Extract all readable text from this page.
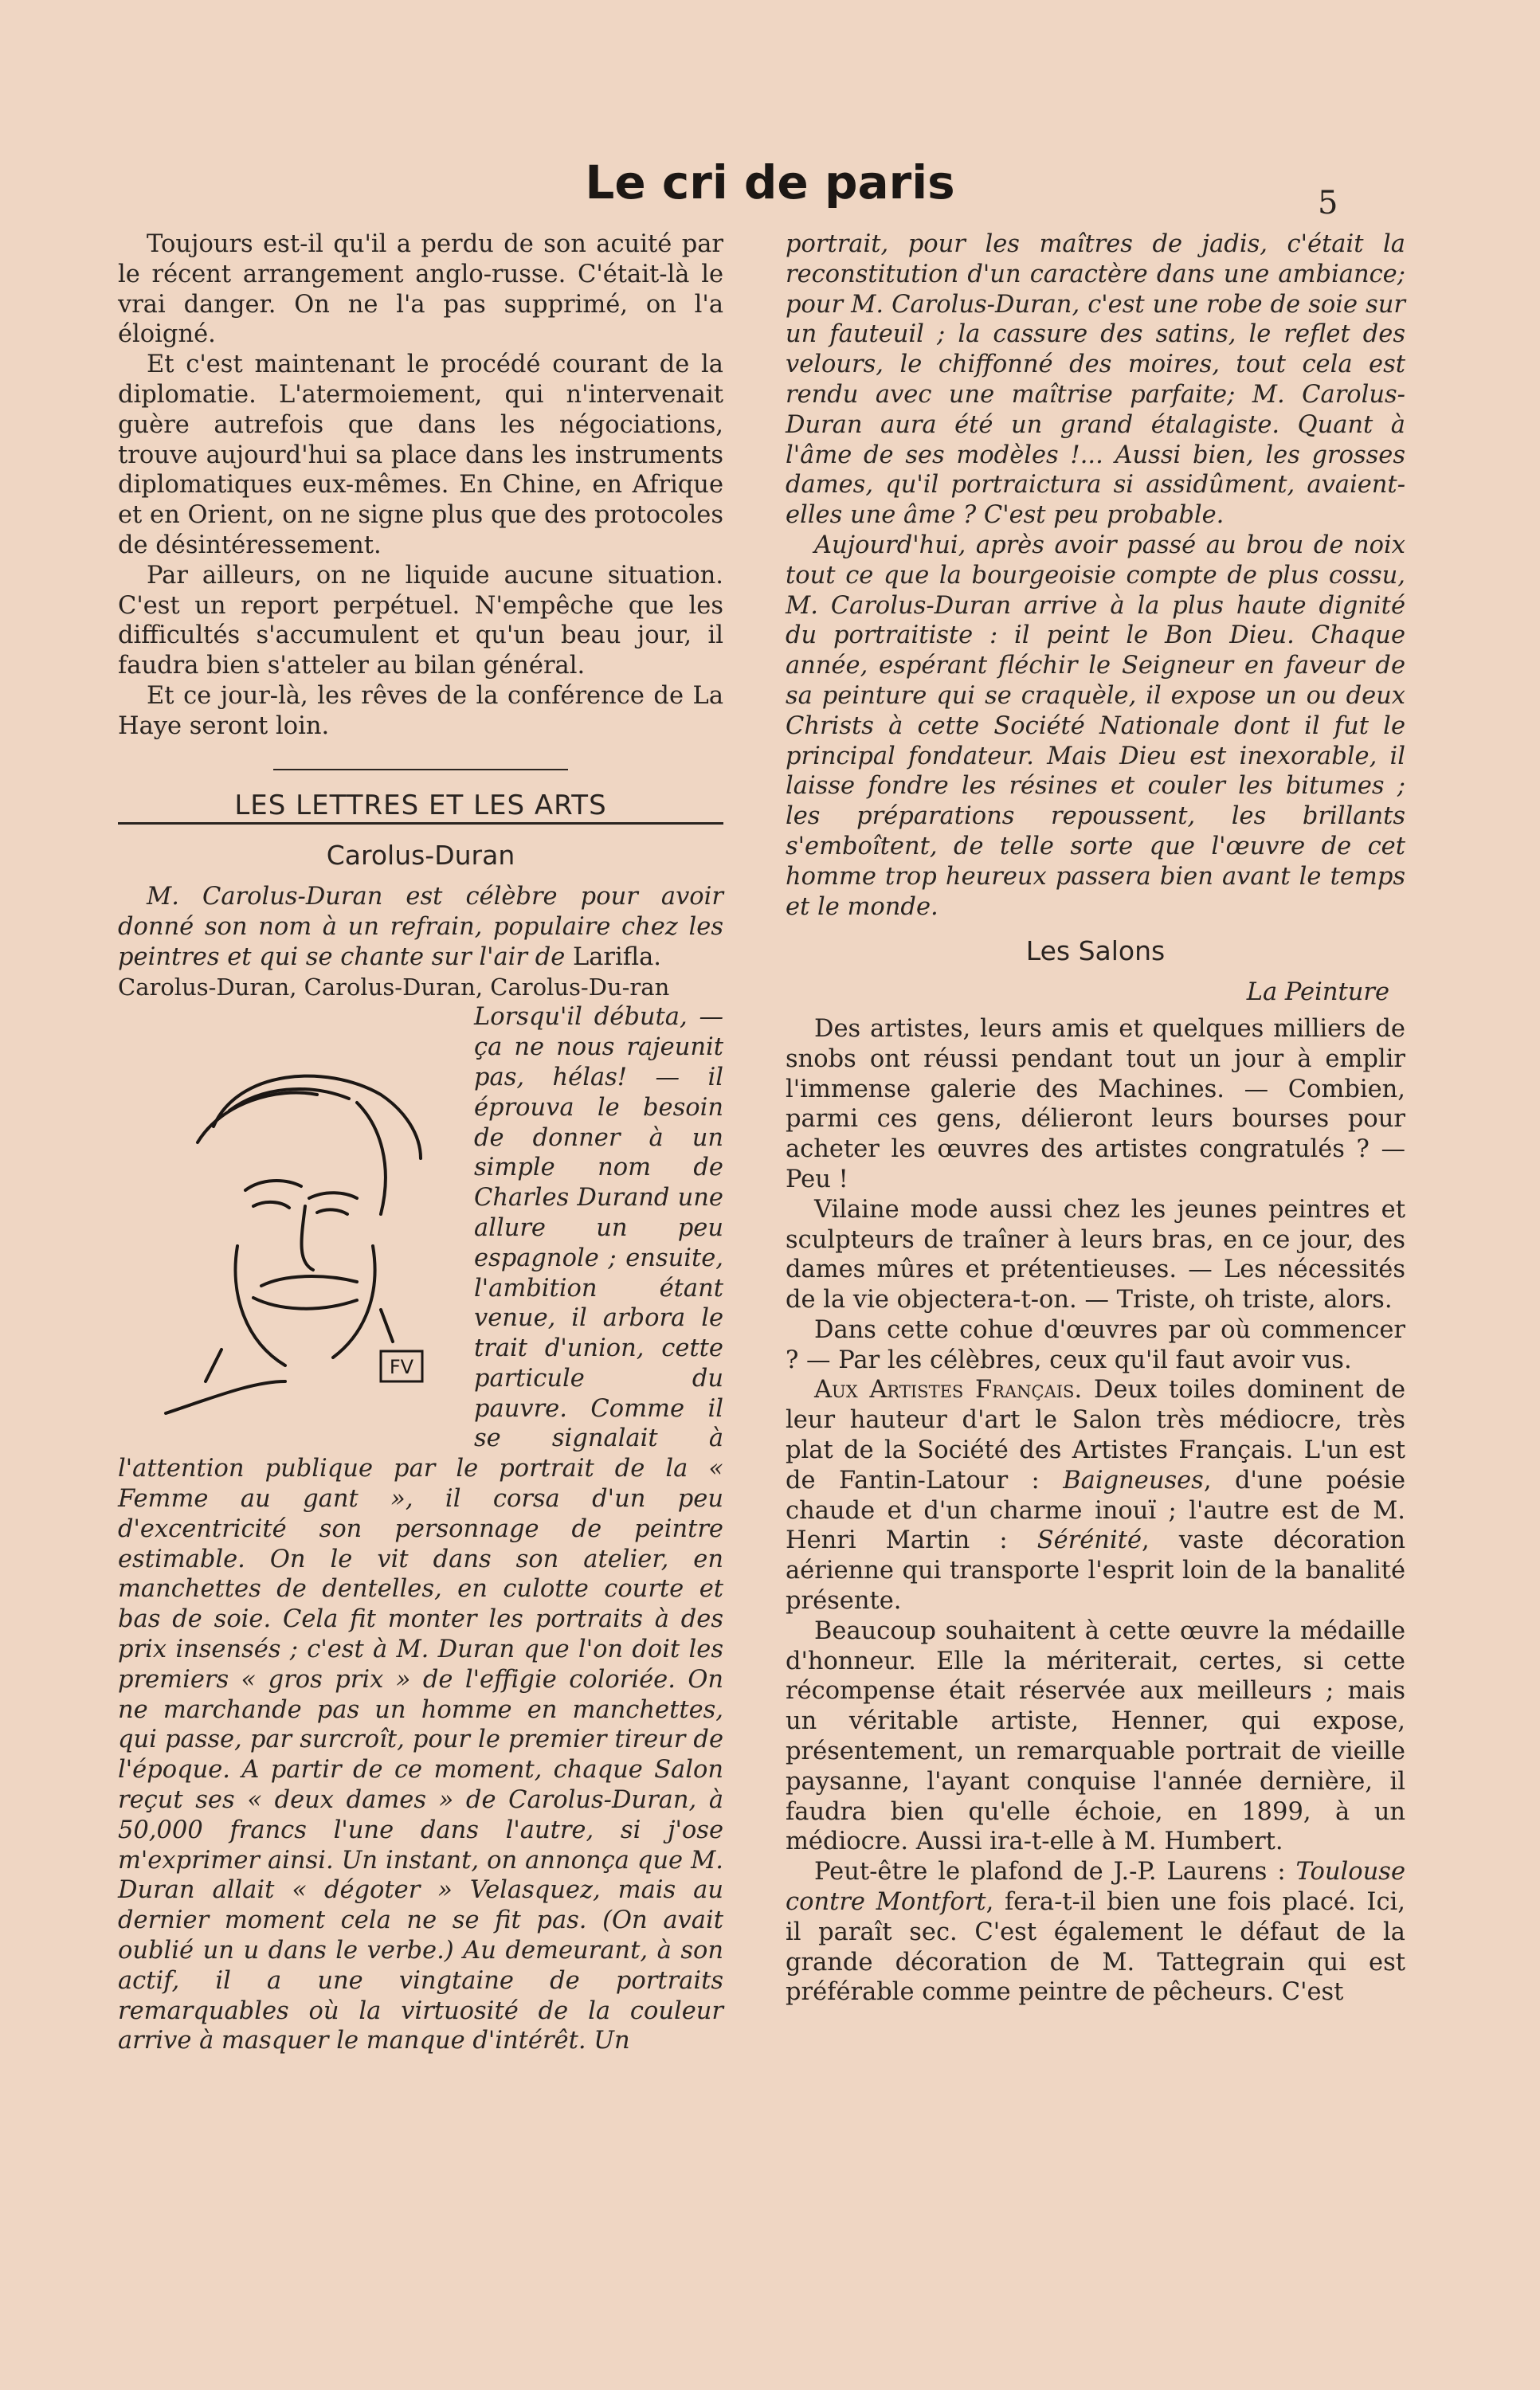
Le cri de paris	5

Toujours est-il qu'il a perdu de son acuité par le récent arrangement anglo-russe. C'était-là le vrai danger. On ne l'a pas supprimé, on l'a éloigné.

Et c'est maintenant le procédé courant de la diplomatie. L'atermoiement, qui n'intervenait guère autrefois que dans les négociations, trouve aujourd'hui sa place dans les instruments diplomatiques eux-mêmes. En Chine, en Afrique et en Orient, on ne signe plus que des protocoles de désintéressement.

Par ailleurs, on ne liquide aucune situation. C'est un report perpétuel. N'empêche que les difficultés s'accumulent et qu'un beau jour, il faudra bien s'atteler au bilan général.

Et ce jour-là, les rêves de la conférence de La Haye seront loin.

LES LETTRES ET LES ARTS
Carolus-Duran

M. Carolus-Duran est célèbre pour avoir donné son nom à un refrain, populaire chez les peintres et qui se chante sur l'air de Larifla.

Carolus-Duran, Carolus-Duran, Carolus-Du-ran

FV

Lorsqu'il débuta, — ça ne nous rajeunit pas, hélas! — il éprouva le besoin de donner à un simple nom de Charles Durand une allure un peu espagnole ; ensuite, l'ambition étant venue, il arbora le trait d'union, cette particule du pauvre. Comme il se signalait à l'attention publique par le portrait de la « Femme au gant », il corsa d'un peu d'excentricité son personnage de peintre estimable. On le vit dans son atelier, en manchettes de dentelles, en culotte courte et bas de soie. Cela fit monter les portraits à des prix insensés ; c'est à M. Duran que l'on doit les premiers « gros prix » de l'effigie coloriée. On ne marchande pas un homme en manchettes, qui passe, par surcroît, pour le premier tireur de l'époque. A partir de ce moment, chaque Salon reçut ses « deux dames » de Carolus-Duran, à 50,000 francs l'une dans l'autre, si j'ose m'exprimer ainsi. Un instant, on annonça que M. Duran allait « dégoter » Velasquez, mais au dernier moment cela ne se fit pas. (On avait oublié un u dans le verbe.) Au demeurant, à son actif, il a une vingtaine de portraits remarquables où la virtuosité de la couleur arrive à masquer le manque d'intérêt. Un

portrait, pour les maîtres de jadis, c'était la reconstitution d'un caractère dans une ambiance; pour M. Carolus-Duran, c'est une robe de soie sur un fauteuil ; la cassure des satins, le reflet des velours, le chiffonné des moires, tout cela est rendu avec une maîtrise parfaite; M. Carolus-Duran aura été un grand étalagiste. Quant à l'âme de ses modèles !... Aussi bien, les grosses dames, qu'il portraictura si assidûment, avaient-elles une âme ? C'est peu probable.

Aujourd'hui, après avoir passé au brou de noix tout ce que la bourgeoisie compte de plus cossu, M. Carolus-Duran arrive à la plus haute dignité du portraitiste : il peint le Bon Dieu. Chaque année, espérant fléchir le Seigneur en faveur de sa peinture qui se craquèle, il expose un ou deux Christs à cette Société Nationale dont il fut le principal fondateur. Mais Dieu est inexorable, il laisse fondre les résines et couler les bitumes ; les préparations repoussent, les brillants s'emboîtent, de telle sorte que l'œuvre de cet homme trop heureux passera bien avant le temps et le monde.

Les Salons
La Peinture

Des artistes, leurs amis et quelques milliers de snobs ont réussi pendant tout un jour à emplir l'immense galerie des Machines. — Combien, parmi ces gens, délieront leurs bourses pour acheter les œuvres des artistes congratulés ? — Peu !

Vilaine mode aussi chez les jeunes peintres et sculpteurs de traîner à leurs bras, en ce jour, des dames mûres et prétentieuses. — Les nécessités de la vie objectera-t-on. — Triste, oh triste, alors.

Dans cette cohue d'œuvres par où commencer ? — Par les célèbres, ceux qu'il faut avoir vus.

Aux Artistes Français. Deux toiles dominent de leur hauteur d'art le Salon très médiocre, très plat de la Société des Artistes Français. L'un est de Fantin-Latour : Baigneuses, d'une poésie chaude et d'un charme inouï ; l'autre est de M. Henri Martin : Sérénité, vaste décoration aérienne qui transporte l'esprit loin de la banalité présente.

Beaucoup souhaitent à cette œuvre la médaille d'honneur. Elle la mériterait, certes, si cette récompense était réservée aux meilleurs ; mais un véritable artiste, Henner, qui expose, présentement, un remarquable portrait de vieille paysanne, l'ayant conquise l'année dernière, il faudra bien qu'elle échoie, en 1899, à un médiocre. Aussi ira-t-elle à M. Humbert.

Peut-être le plafond de J.-P. Laurens : Toulouse contre Montfort, fera-t-il bien une fois placé. Ici, il paraît sec. C'est également le défaut de la grande décoration de M. Tattegrain qui est préférable comme peintre de pêcheurs. C'est
